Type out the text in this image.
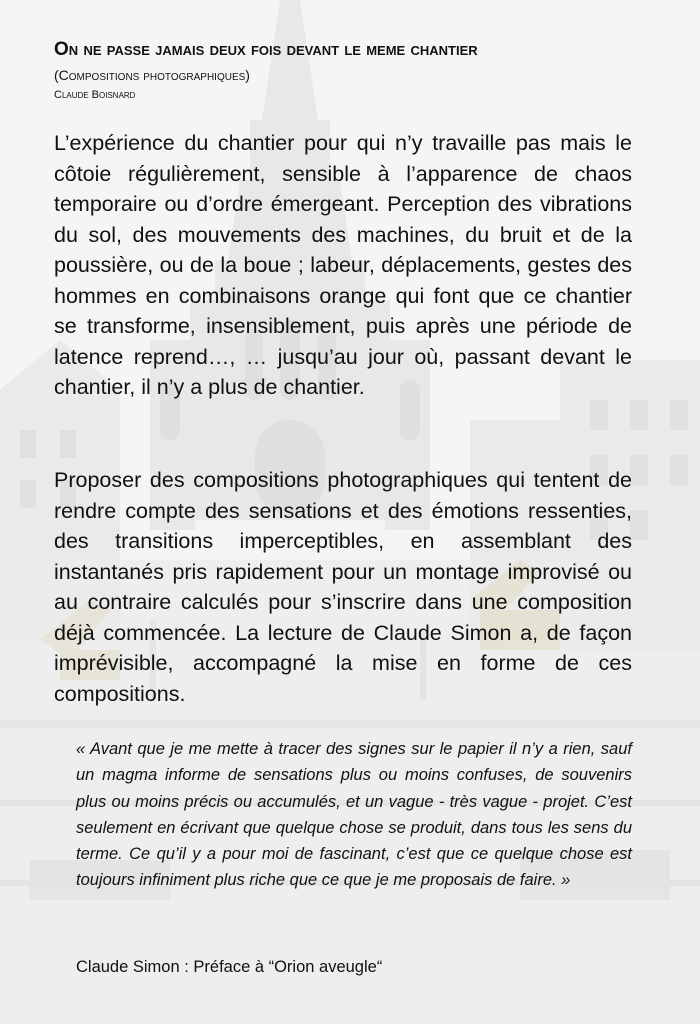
On ne passe jamais deux fois devant le meme chantier
(Compositions photographiques)
Claude Boisnard

L’expérience du chantier pour qui n’y travaille pas mais le côtoie régulièrement, sensible à l’apparence de chaos temporaire ou d’ordre émergeant. Perception des vibrations du sol, des mouvements des machines, du bruit et de la poussière, ou de la boue ; labeur, déplacements, gestes des hommes en combinaisons orange qui font que ce chantier se transforme, insensiblement, puis après une période de latence reprend…, … jusqu’au jour où, passant devant le chantier, il n’y a plus de chantier.

Proposer des compositions photographiques qui tentent de rendre compte des sensations et des émotions ressenties, des transitions imperceptibles, en assemblant des instantanés pris rapidement pour un montage improvisé ou au contraire calculés pour s’inscrire dans une composition déjà commencée. La lecture de Claude Simon a, de façon imprévisible, accompagné la mise en forme de ces compositions.

« Avant que je me mette à tracer des signes sur le papier il n’y a rien, sauf un magma informe de sensations plus ou moins confuses, de souvenirs plus ou moins précis ou accumulés, et un vague - très vague - projet. C’est seulement en écrivant que quelque chose se produit, dans tous les sens du terme. Ce qu’il y a pour moi de fascinant, c’est que ce quelque chose est toujours infiniment plus riche que ce que je me proposais de faire. »

Claude Simon : Préface à “Orion aveugle“
